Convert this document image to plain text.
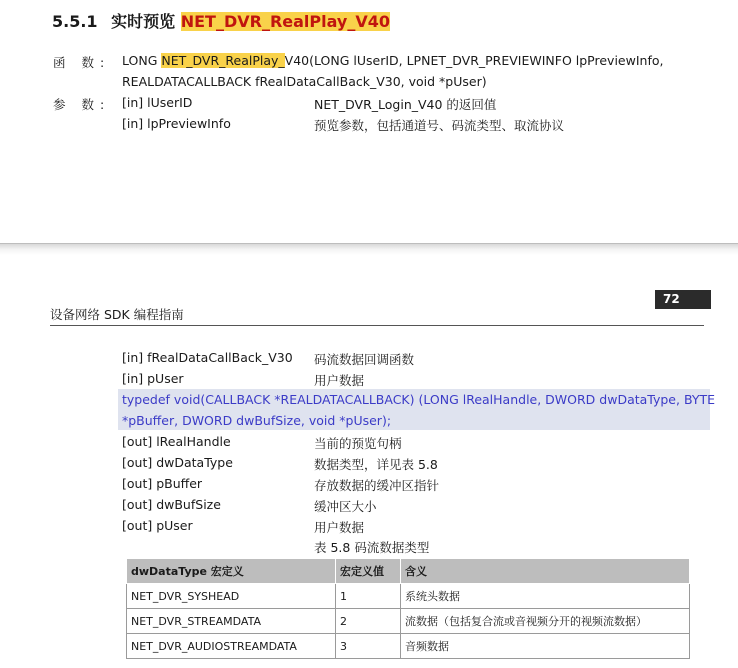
5.5.1 实时预览 NET_DVR_RealPlay_V40
函 数: LONG NET_DVR_RealPlay_V40(LONG lUserID, LPNET_DVR_PREVIEWINFO lpPreviewInfo,
REALDATACALLBACK fRealDataCallBack_V30, void *pUser)
参 数: [in] lUserID	NET_DVR_Login_V40 的返回值
[in] lpPreviewInfo	预览参数，包括通道号、码流类型、取流协议
72
设备网络 SDK 编程指南
[in] fRealDataCallBack_V30 码流数据回调函数
[in] pUser	用户数据
typedef void(CALLBACK *REALDATACALLBACK) (LONG lRealHandle, DWORD dwDataType, BYTE
*pBuffer, DWORD dwBufSize, void *pUser);
[out] lRealHandle	当前的预览句柄
[out] dwDataType	数据类型，详见表 5.8
[out] pBuffer	存放数据的缓冲区指针
[out] dwBufSize	缓冲区大小
[out] pUser	用户数据
表 5.8 码流数据类型
dwDataType 宏定义	宏定义值	含义
NET_DVR_SYSHEAD	1	系统头数据
NET_DVR_STREAMDATA	2	流数据（包括复合流或音视频分开的视频流数据）
NET_DVR_AUDIOSTREAMDATA	3	音频数据
